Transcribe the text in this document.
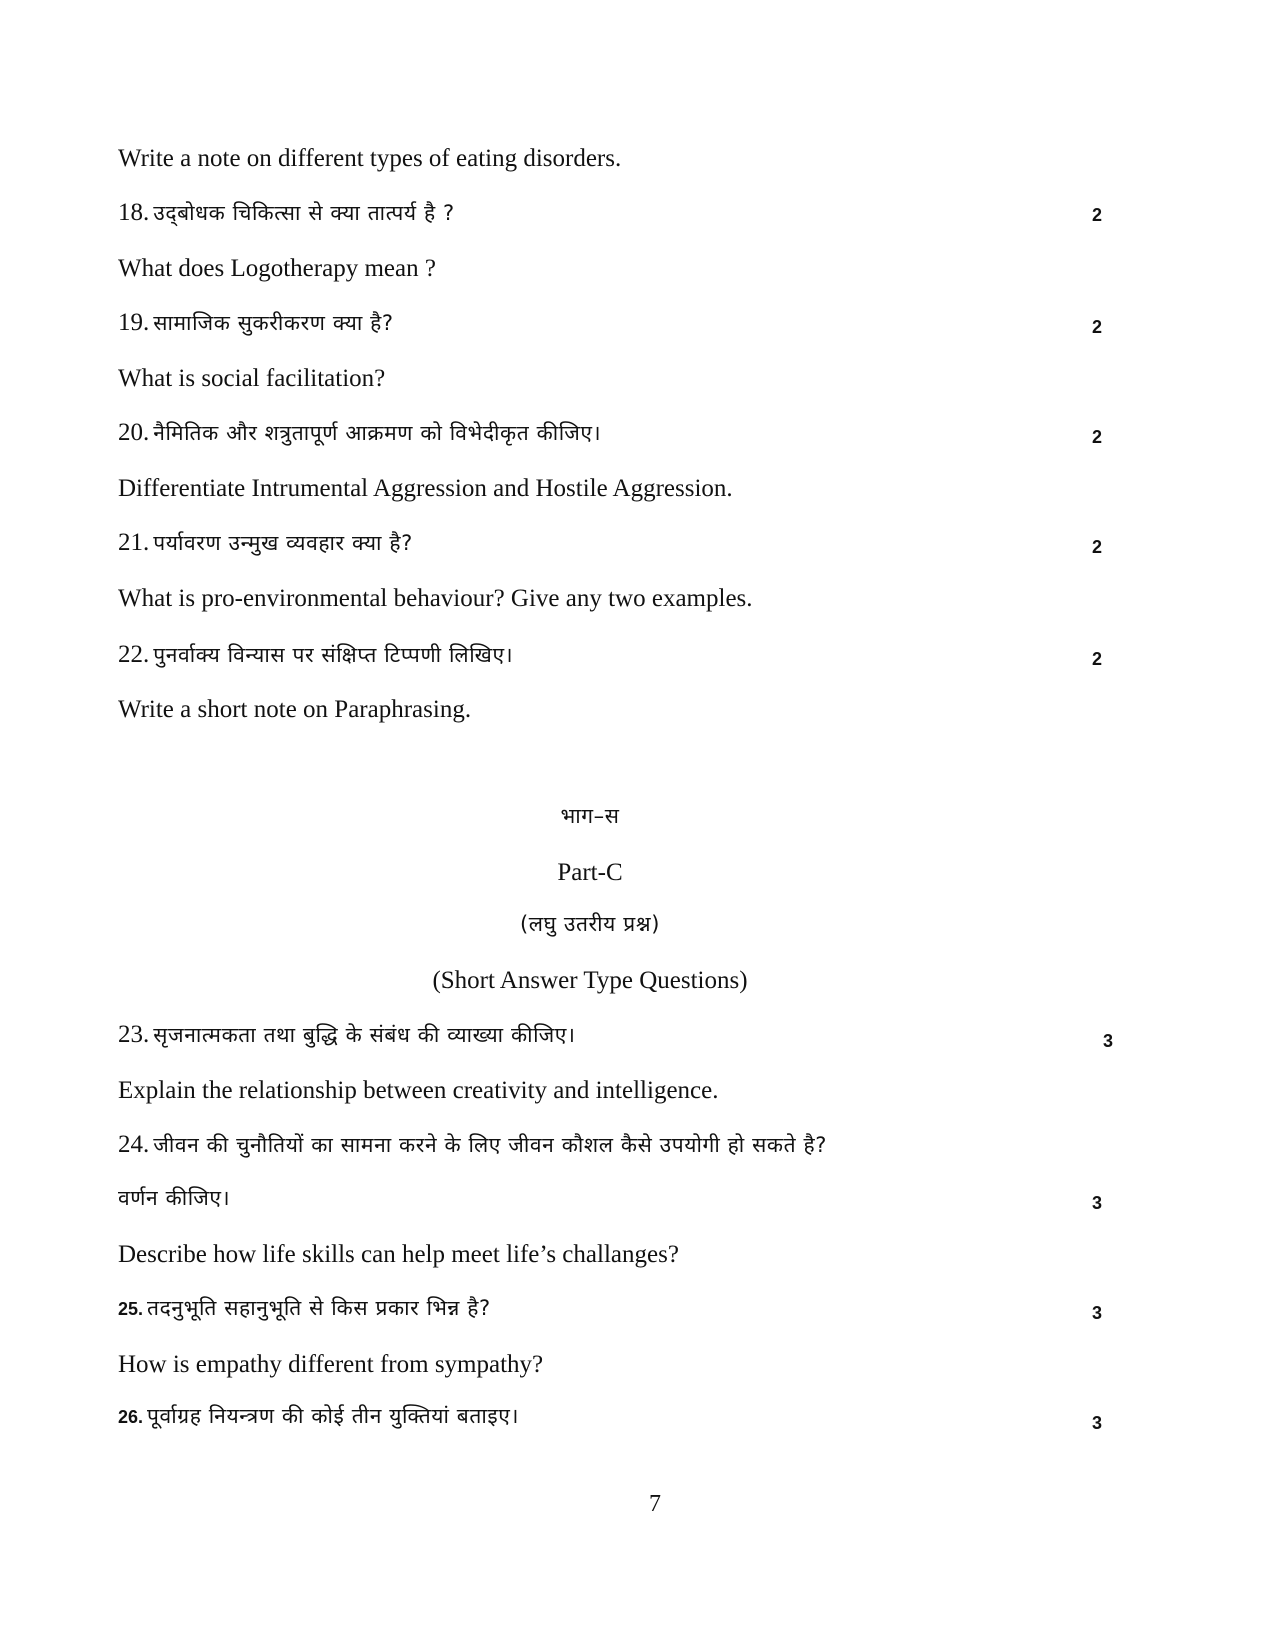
Write a note on different types of eating disorders.
18. उद्‌बोधक चिकित्सा से क्या तात्पर्य है ?	2
What does Logotherapy mean ?
19. सामाजिक सुकरीकरण क्या है?	2
What is social facilitation?
20. नैमितिक और शत्रुतापूर्ण आक्रमण को विभेदीकृत कीजिए।	2
Differentiate Intrumental Aggression and Hostile Aggression.
21. पर्यावरण उन्मुख व्यवहार क्या है?	2
What is pro-environmental behaviour? Give any two examples.
22. पुनर्वाक्य विन्यास पर संक्षिप्त टिप्पणी लिखिए।	2
Write a short note on Paraphrasing.
भाग–स
Part-C
(लघु उतरीय प्रश्न)
(Short Answer Type Questions)
23. सृजनात्मकता तथा बुद्धि के संबंध की व्याख्या कीजिए।	3
Explain the relationship between creativity and intelligence.
24. जीवन की चुनौतियों का सामना करने के लिए जीवन कौशल कैसे उपयोगी हो सकते है?
वर्णन कीजिए।	3
Describe how life skills can help meet life’s challanges?
25. तदनुभूति सहानुभूति से किस प्रकार भिन्न है?	3
How is empathy different from sympathy?
26. पूर्वाग्रह नियन्त्रण की कोई तीन युक्तियां बताइए।	3
7
